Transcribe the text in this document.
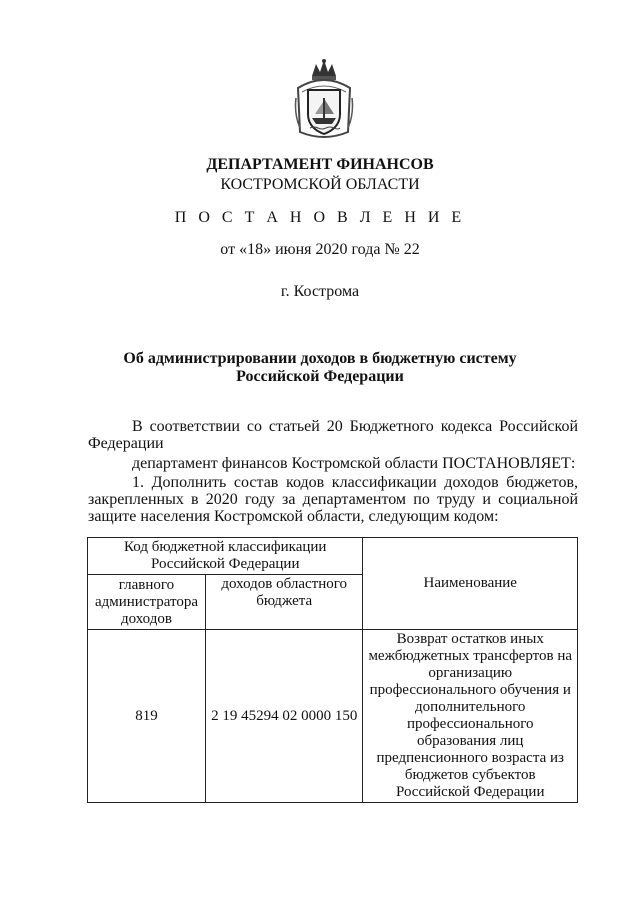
ДЕПАРТАМЕНТ ФИНАНСОВ
КОСТРОМСКОЙ ОБЛАСТИ
П О С Т А Н О В Л Е Н И Е
от «18» июня 2020 года № 22
г. Кострома
Об администрировании доходов в бюджетную систему
Российской Федерации
В соответствии со статьей 20 Бюджетного кодекса Российской Федерации
департамент финансов Костромской области ПОСТАНОВЛЯЕТ:
1. Дополнить состав кодов классификации доходов бюджетов, закрепленных в 2020 году за департаментом по труду и социальной защите населения Костромской области, следующим кодом:
Код бюджетной классификации Российской Федерации		Наименование
главного администратора доходов	доходов областного бюджета	
819	2 19 45294 02 0000 150	Возврат остатков иных межбюджетных трансфертов на организацию профессионального обучения и дополнительного профессионального образования лиц предпенсионного возраста из бюджетов субъектов Российской Федерации
